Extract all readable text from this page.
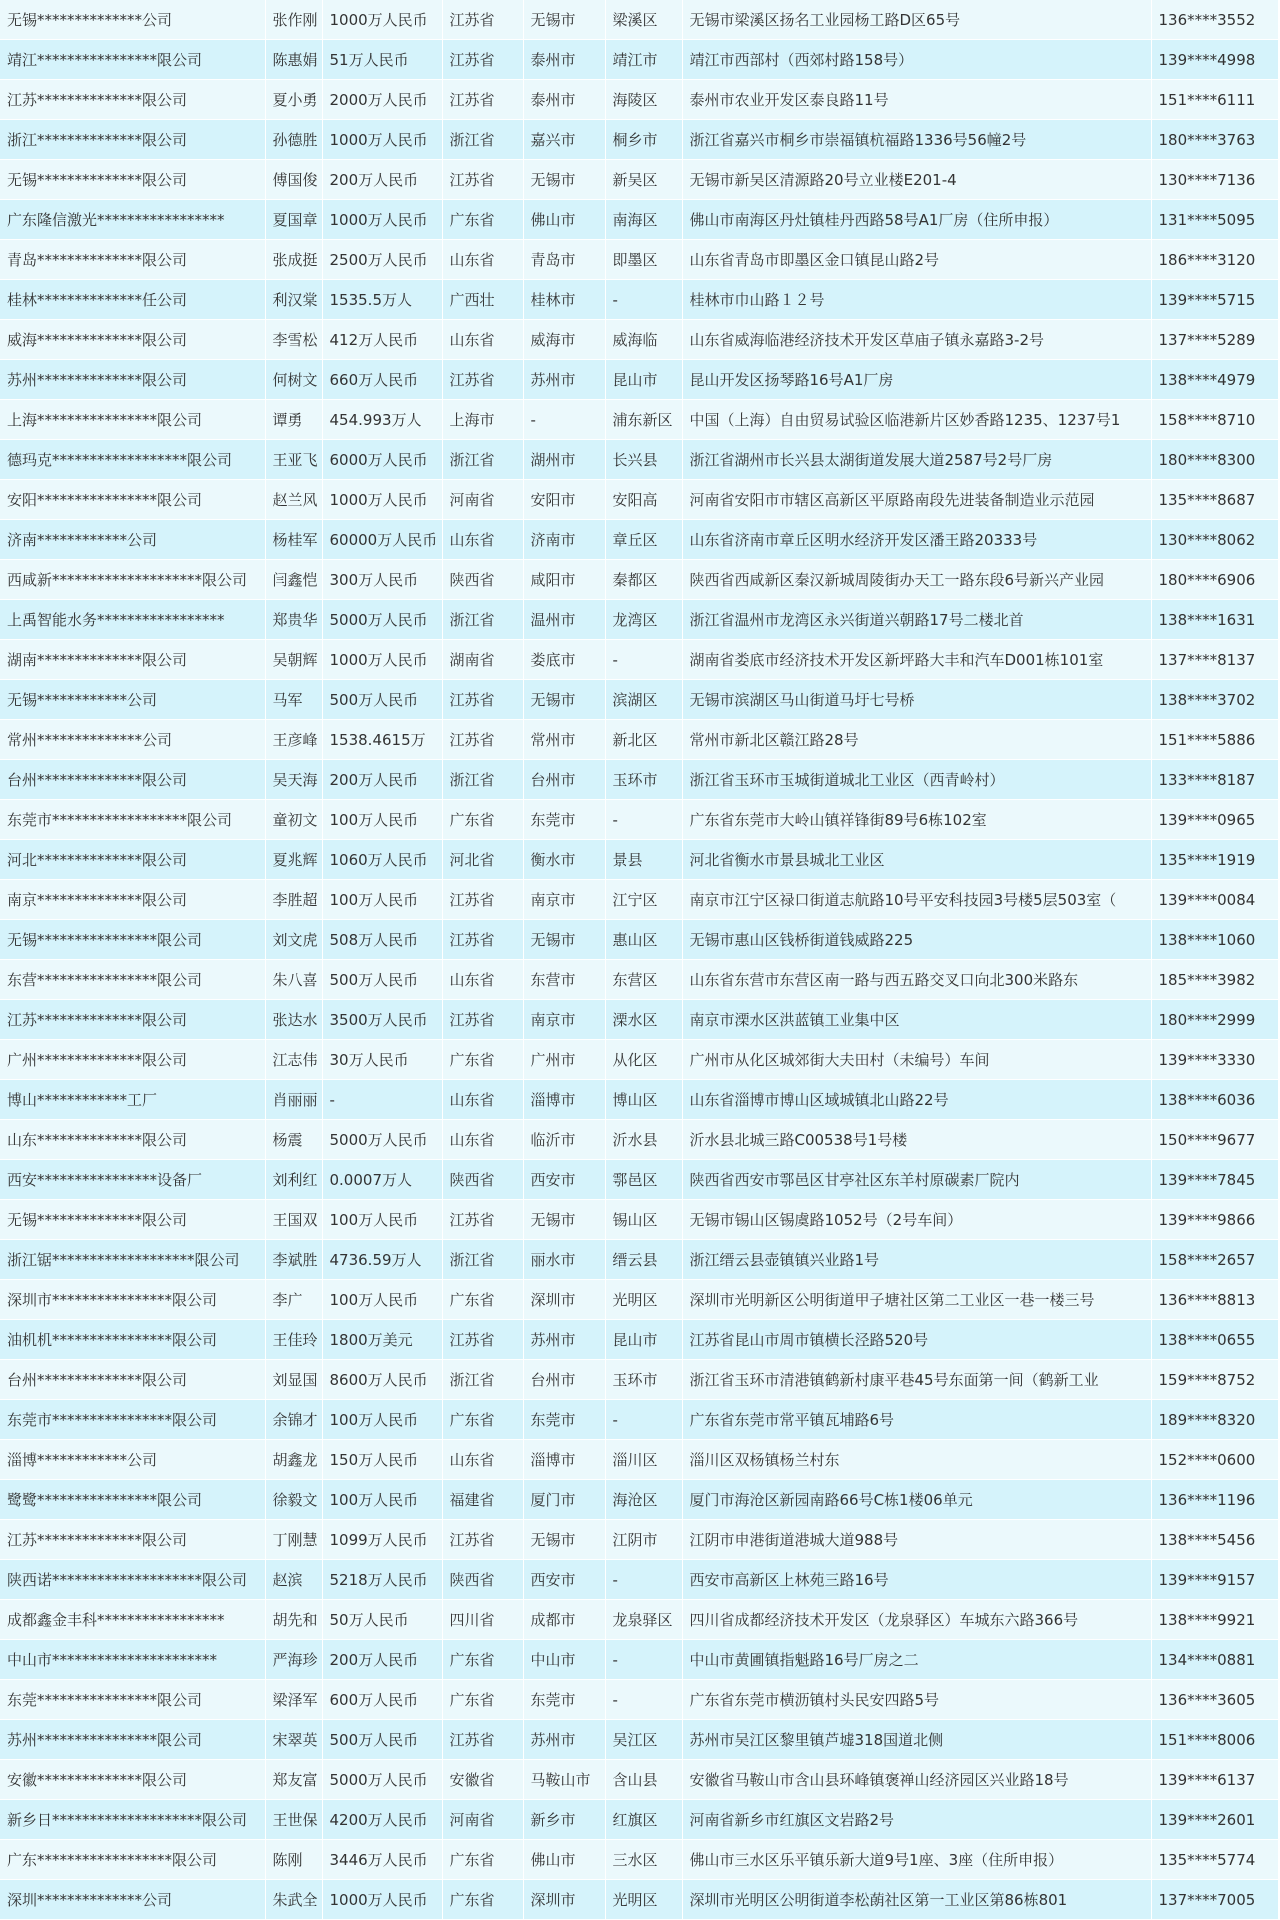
无锡**************公司	张作刚	1000万人民币	江苏省	无锡市	梁溪区	无锡市梁溪区扬名工业园杨工路D区65号	136****3552
靖江****************限公司	陈惠娟	51万人民币	江苏省	泰州市	靖江市	靖江市西部村（西郊村路158号）	139****4998
江苏**************限公司	夏小勇	2000万人民币	江苏省	泰州市	海陵区	泰州市农业开发区泰良路11号	151****6111
浙江**************限公司	孙德胜	1000万人民币	浙江省	嘉兴市	桐乡市	浙江省嘉兴市桐乡市崇福镇杭福路1336号56幢2号	180****3763
无锡**************限公司	傅国俊	200万人民币	江苏省	无锡市	新吴区	无锡市新吴区清源路20号立业楼E201-4	130****7136
广东隆信激光*****************	夏国章	1000万人民币	广东省	佛山市	南海区	佛山市南海区丹灶镇桂丹西路58号A1厂房（住所申报）	131****5095
青岛**************限公司	张成挺	2500万人民币	山东省	青岛市	即墨区	山东省青岛市即墨区金口镇昆山路2号	186****3120
桂林**************任公司	利汉棠	1535.5万人	广西壮	桂林市	-	桂林市巾山路１２号	139****5715
威海**************限公司	李雪松	412万人民币	山东省	威海市	威海临	山东省威海临港经济技术开发区草庙子镇永嘉路3-2号	137****5289
苏州**************限公司	何树文	660万人民币	江苏省	苏州市	昆山市	昆山开发区扬琴路16号A1厂房	138****4979
上海****************限公司	谭勇	454.993万人	上海市	-	浦东新区	中国（上海）自由贸易试验区临港新片区妙香路1235、1237号1	158****8710
德玛克******************限公司	王亚飞	6000万人民币	浙江省	湖州市	长兴县	浙江省湖州市长兴县太湖街道发展大道2587号2号厂房	180****8300
安阳****************限公司	赵兰风	1000万人民币	河南省	安阳市	安阳高	河南省安阳市市辖区高新区平原路南段先进装备制造业示范园	135****8687
济南************公司	杨桂军	60000万人民币	山东省	济南市	章丘区	山东省济南市章丘区明水经济开发区潘王路20333号	130****8062
西咸新********************限公司	闫鑫恺	300万人民币	陕西省	咸阳市	秦都区	陕西省西咸新区秦汉新城周陵街办天工一路东段6号新兴产业园	180****6906
上禹智能水务*****************	郑贵华	5000万人民币	浙江省	温州市	龙湾区	浙江省温州市龙湾区永兴街道兴朝路17号二楼北首	138****1631
湖南**************限公司	吴朝辉	1000万人民币	湖南省	娄底市	-	湖南省娄底市经济技术开发区新坪路大丰和汽车D001栋101室	137****8137
无锡************公司	马军	500万人民币	江苏省	无锡市	滨湖区	无锡市滨湖区马山街道马圩七号桥	138****3702
常州**************公司	王彦峰	1538.4615万	江苏省	常州市	新北区	常州市新北区赣江路28号	151****5886
台州**************限公司	吴天海	200万人民币	浙江省	台州市	玉环市	浙江省玉环市玉城街道城北工业区（西青岭村）	133****8187
东莞市******************限公司	童初文	100万人民币	广东省	东莞市	-	广东省东莞市大岭山镇祥锋街89号6栋102室	139****0965
河北**************限公司	夏兆辉	1060万人民币	河北省	衡水市	景县	河北省衡水市景县城北工业区	135****1919
南京**************限公司	李胜超	100万人民币	江苏省	南京市	江宁区	南京市江宁区禄口街道志航路10号平安科技园3号楼5层503室（	139****0084
无锡****************限公司	刘文虎	508万人民币	江苏省	无锡市	惠山区	无锡市惠山区钱桥街道钱威路225	138****1060
东营****************限公司	朱八喜	500万人民币	山东省	东营市	东营区	山东省东营市东营区南一路与西五路交叉口向北300米路东	185****3982
江苏**************限公司	张达水	3500万人民币	江苏省	南京市	溧水区	南京市溧水区洪蓝镇工业集中区	180****2999
广州**************限公司	江志伟	30万人民币	广东省	广州市	从化区	广州市从化区城郊街大夫田村（未编号）车间	139****3330
博山************工厂	肖丽丽	-	山东省	淄博市	博山区	山东省淄博市博山区域城镇北山路22号	138****6036
山东**************限公司	杨震	5000万人民币	山东省	临沂市	沂水县	沂水县北城三路C00538号1号楼	150****9677
西安****************设备厂	刘利红	0.0007万人	陕西省	西安市	鄠邑区	陕西省西安市鄠邑区甘亭社区东羊村原碳素厂院内	139****7845
无锡**************限公司	王国双	100万人民币	江苏省	无锡市	锡山区	无锡市锡山区锡虞路1052号（2号车间）	139****9866
浙江锯*******************限公司	李斌胜	4736.59万人	浙江省	丽水市	缙云县	浙江缙云县壶镇镇兴业路1号	158****2657
深圳市****************限公司	李广	100万人民币	广东省	深圳市	光明区	深圳市光明新区公明街道甲子塘社区第二工业区一巷一楼三号	136****8813
油机机****************限公司	王佳玲	1800万美元	江苏省	苏州市	昆山市	江苏省昆山市周市镇横长泾路520号	138****0655
台州**************限公司	刘显国	8600万人民币	浙江省	台州市	玉环市	浙江省玉环市清港镇鹤新村康平巷45号东面第一间（鹤新工业	159****8752
东莞市****************限公司	余锦才	100万人民币	广东省	东莞市	-	广东省东莞市常平镇瓦埔路6号	189****8320
淄博************公司	胡鑫龙	150万人民币	山东省	淄博市	淄川区	淄川区双杨镇杨兰村东	152****0600
鹭鹭****************限公司	徐毅文	100万人民币	福建省	厦门市	海沧区	厦门市海沧区新园南路66号C栋1楼06单元	136****1196
江苏**************限公司	丁刚慧	1099万人民币	江苏省	无锡市	江阴市	江阴市申港街道港城大道988号	138****5456
陕西诺********************限公司	赵滨	5218万人民币	陕西省	西安市	-	西安市高新区上林苑三路16号	139****9157
成都鑫金丰科*****************	胡先和	50万人民币	四川省	成都市	龙泉驿区	四川省成都经济技术开发区（龙泉驿区）车城东六路366号	138****9921
中山市**********************	严海珍	200万人民币	广东省	中山市	-	中山市黄圃镇指魁路16号厂房之二	134****0881
东莞****************限公司	梁泽军	600万人民币	广东省	东莞市	-	广东省东莞市横沥镇村头民安四路5号	136****3605
苏州****************限公司	宋翠英	500万人民币	江苏省	苏州市	吴江区	苏州市吴江区黎里镇芦墟318国道北侧	151****8006
安徽**************限公司	郑友富	5000万人民币	安徽省	马鞍山市	含山县	安徽省马鞍山市含山县环峰镇褒禅山经济园区兴业路18号	139****6137
新乡日********************限公司	王世保	4200万人民币	河南省	新乡市	红旗区	河南省新乡市红旗区文岩路2号	139****2601
广东******************限公司	陈刚	3446万人民币	广东省	佛山市	三水区	佛山市三水区乐平镇乐新大道9号1座、3座（住所申报）	135****5774
深圳**************公司	朱武全	1000万人民币	广东省	深圳市	光明区	深圳市光明区公明街道李松蓢社区第一工业区第86栋801	137****7005
